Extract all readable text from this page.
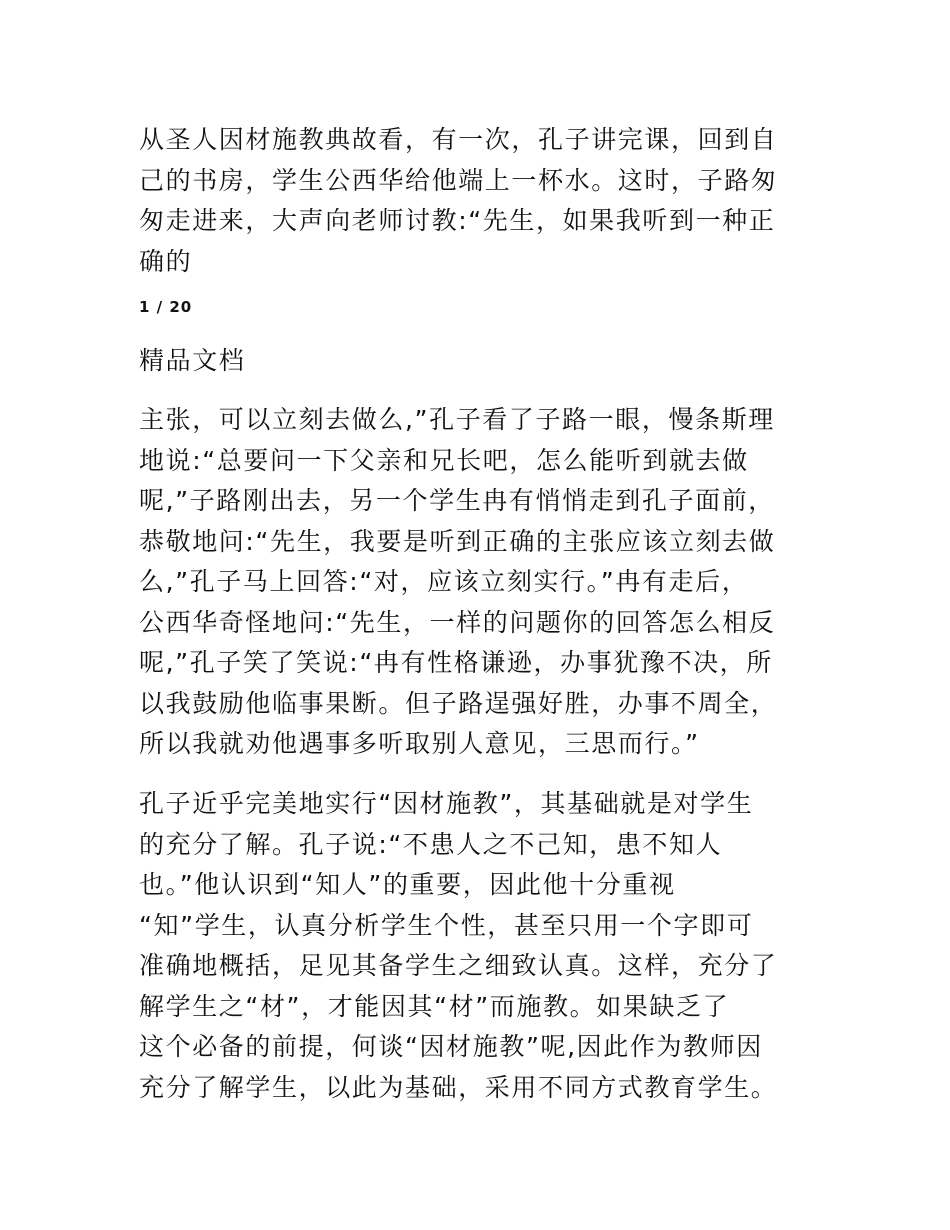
从圣人因材施教典故看，有一次，孔子讲完课，回到自
己的书房，学生公西华给他端上一杯水。这时，子路匆
匆走进来，大声向老师讨教:“先生，如果我听到一种正
确的

1 / 20
精品文档

主张，可以立刻去做么,”孔子看了子路一眼，慢条斯理
地说:“总要问一下父亲和兄长吧，怎么能听到就去做
呢,”子路刚出去，另一个学生冉有悄悄走到孔子面前，
恭敬地问:“先生，我要是听到正确的主张应该立刻去做
么,”孔子马上回答:“对，应该立刻实行。”冉有走后，
公西华奇怪地问:“先生，一样的问题你的回答怎么相反
呢,”孔子笑了笑说:“冉有性格谦逊，办事犹豫不决，所
以我鼓励他临事果断。但子路逞强好胜，办事不周全，
所以我就劝他遇事多听取别人意见，三思而行。”

孔子近乎完美地实行“因材施教”，其基础就是对学生
的充分了解。孔子说:“不患人之不己知，患不知人
也。”他认识到“知人”的重要，因此他十分重视
“知”学生，认真分析学生个性，甚至只用一个字即可
准确地概括，足见其备学生之细致认真。这样，充分了
解学生之“材”，才能因其“材”而施教。如果缺乏了
这个必备的前提，何谈“因材施教”呢,因此作为教师因
充分了解学生，以此为基础，采用不同方式教育学生。
